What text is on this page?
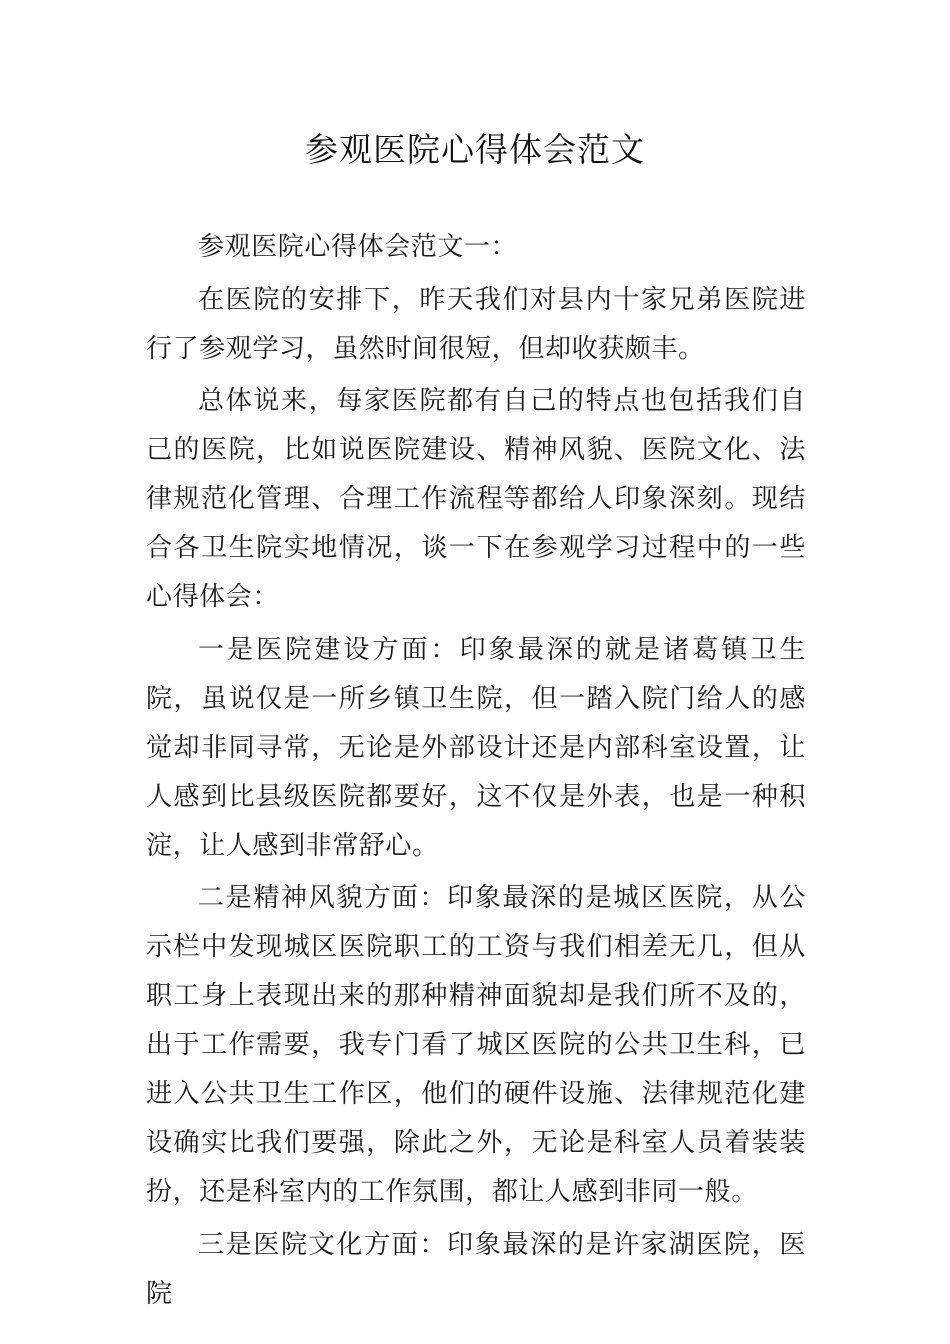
参观医院心得体会范文

参观医院心得体会范文一：

在医院的安排下，昨天我们对县内十家兄弟医院进行了参观学习，虽然时间很短，但却收获颇丰。

总体说来，每家医院都有自己的特点也包括我们自己的医院，比如说医院建设、精神风貌、医院文化、法律规范化管理、合理工作流程等都给人印象深刻。现结合各卫生院实地情况，谈一下在参观学习过程中的一些心得体会：

一是医院建设方面：印象最深的就是诸葛镇卫生院，虽说仅是一所乡镇卫生院，但一踏入院门给人的感觉却非同寻常，无论是外部设计还是内部科室设置，让人感到比县级医院都要好，这不仅是外表，也是一种积淀，让人感到非常舒心。

二是精神风貌方面：印象最深的是城区医院，从公示栏中发现城区医院职工的工资与我们相差无几，但从职工身上表现出来的那种精神面貌却是我们所不及的，出于工作需要，我专门看了城区医院的公共卫生科，已进入公共卫生工作区，他们的硬件设施、法律规范化建设确实比我们要强，除此之外，无论是科室人员着装装扮，还是科室内的工作氛围，都让人感到非同一般。

三是医院文化方面：印象最深的是许家湖医院，医院
